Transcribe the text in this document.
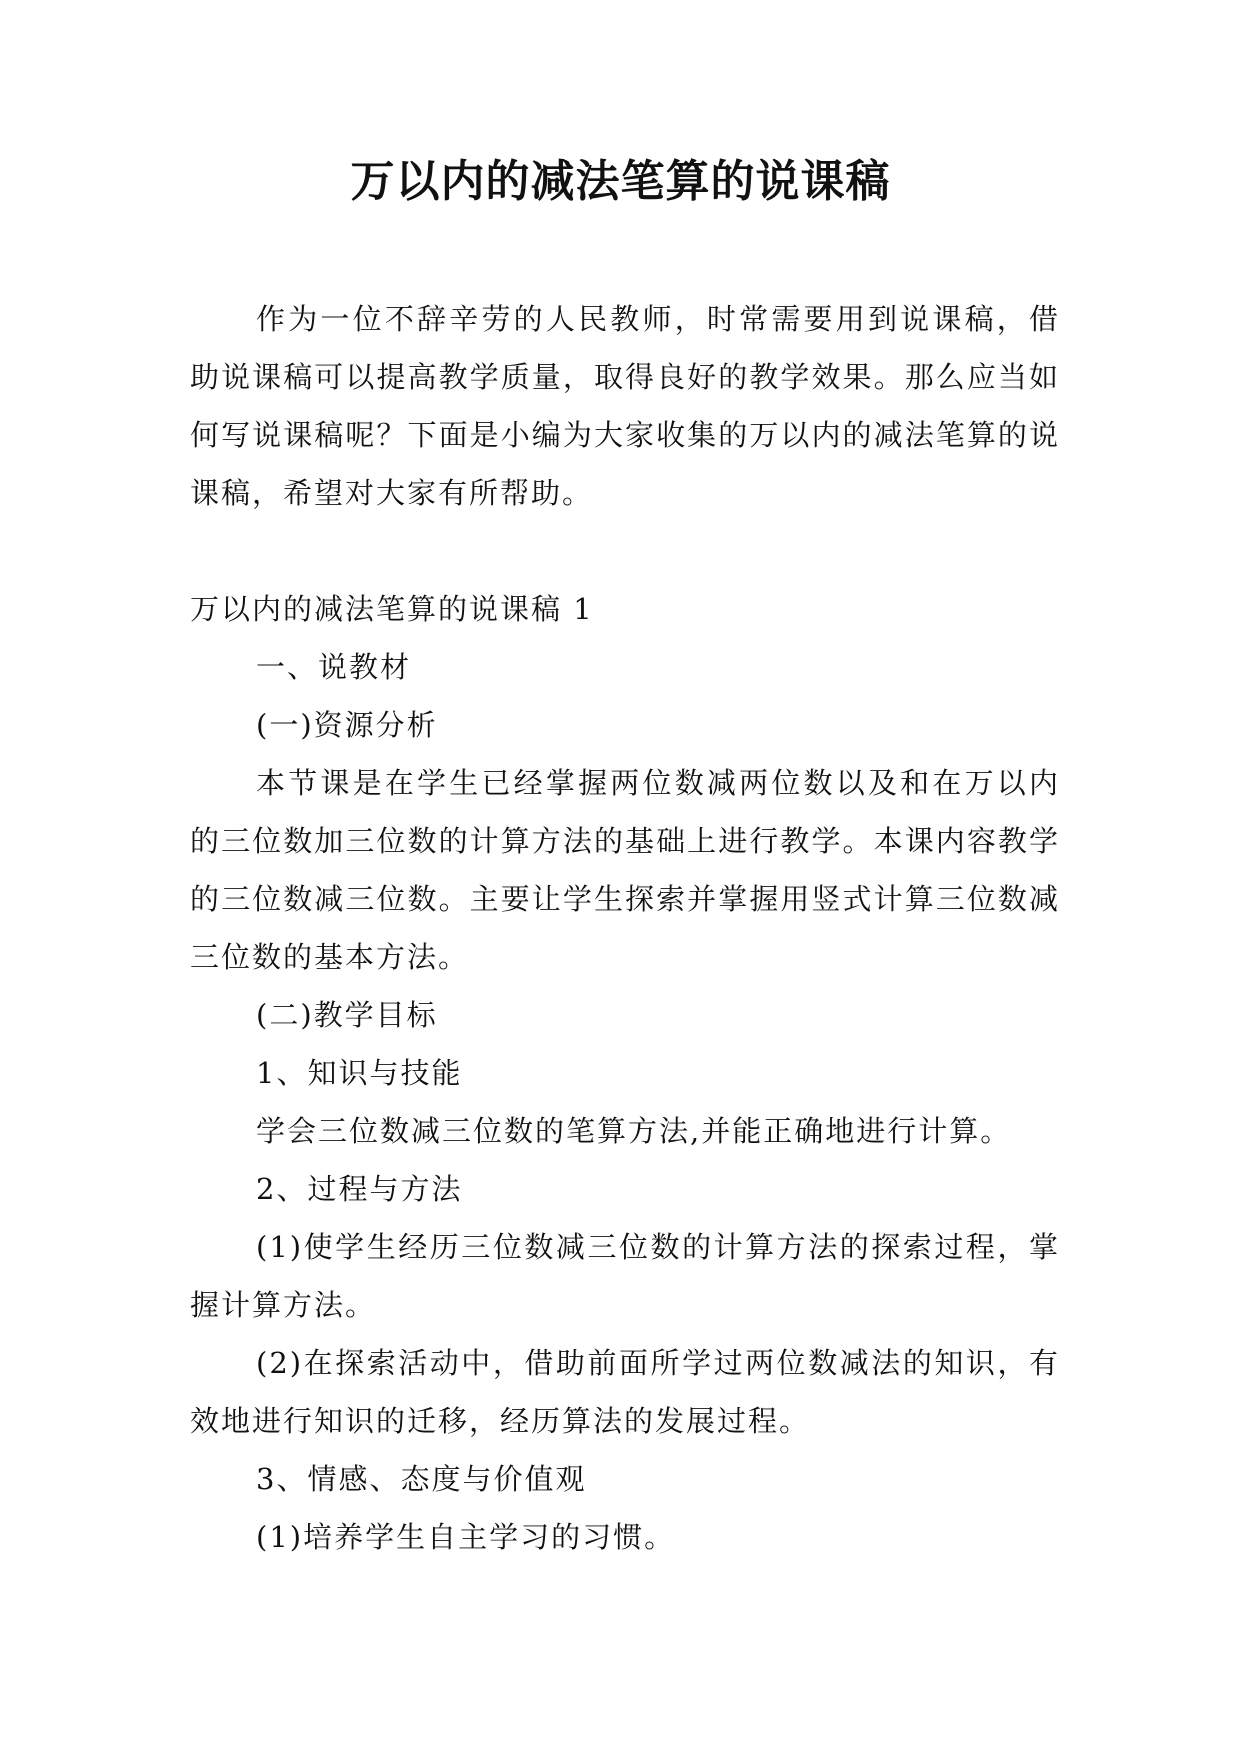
万以内的减法笔算的说课稿

作为一位不辞辛劳的人民教师，时常需要用到说课稿，借助说课稿可以提高教学质量，取得良好的教学效果。那么应当如何写说课稿呢？下面是小编为大家收集的万以内的减法笔算的说课稿，希望对大家有所帮助。

万以内的减法笔算的说课稿 1

一、说教材

(一)资源分析

本节课是在学生已经掌握两位数减两位数以及和在万以内的三位数加三位数的计算方法的基础上进行教学。本课内容教学的三位数减三位数。主要让学生探索并掌握用竖式计算三位数减三位数的基本方法。

(二)教学目标

1、知识与技能

学会三位数减三位数的笔算方法,并能正确地进行计算。

2、过程与方法

(1)使学生经历三位数减三位数的计算方法的探索过程，掌握计算方法。

(2)在探索活动中，借助前面所学过两位数减法的知识，有效地进行知识的迁移，经历算法的发展过程。

3、情感、态度与价值观

(1)培养学生自主学习的习惯。
